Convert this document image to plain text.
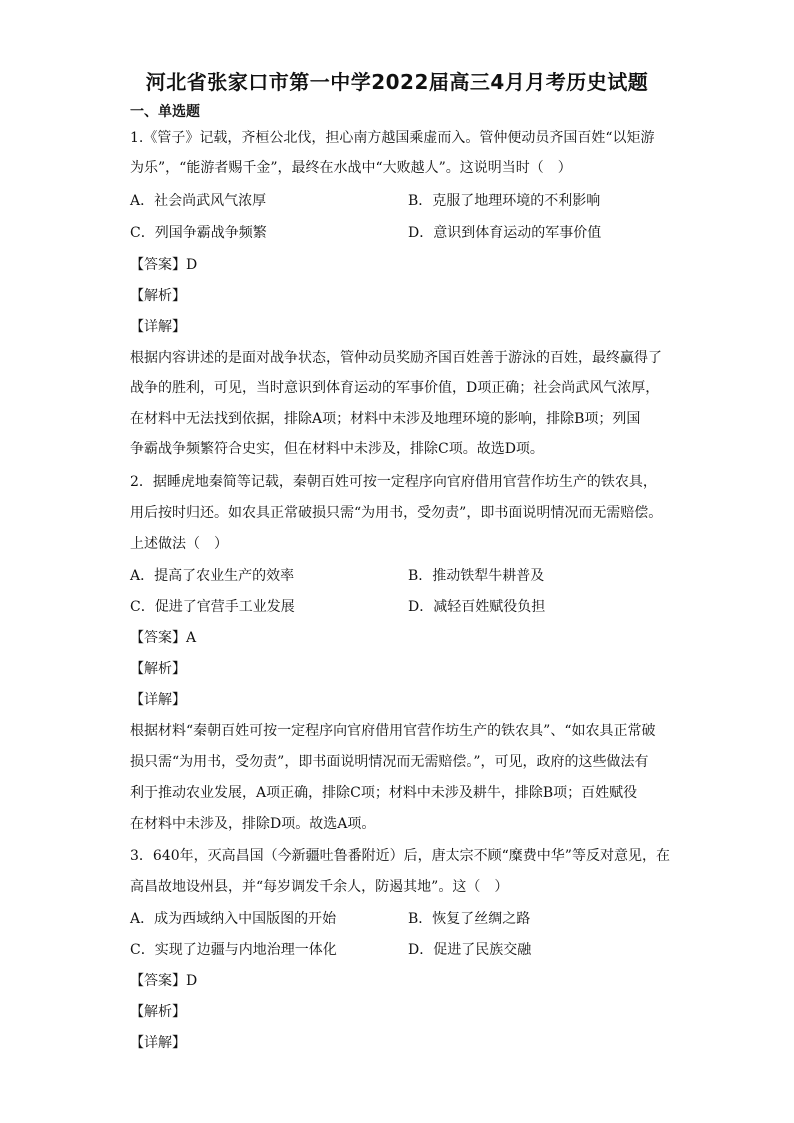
河北省张家口市第一中学2022届高三4月月考历史试题
一、单选题
1.《管子》记载，齐桓公北伐，担心南方越国乘虚而入。管仲便动员齐国百姓“以矩游
为乐”，“能游者赐千金”，最终在水战中“大败越人”。这说明当时（　）
A．社会尚武风气浓厚	B．克服了地理环境的不利影响
C．列国争霸战争频繁	D．意识到体育运动的军事价值
【答案】D
【解析】
【详解】
根据内容讲述的是面对战争状态，管仲动员奖励齐国百姓善于游泳的百姓，最终赢得了
战争的胜利，可见，当时意识到体育运动的军事价值，D项正确；社会尚武风气浓厚，
在材料中无法找到依据，排除A项；材料中未涉及地理环境的影响，排除B项；列国
争霸战争频繁符合史实，但在材料中未涉及，排除C项。故选D项。
2．据睡虎地秦简等记载，秦朝百姓可按一定程序向官府借用官营作坊生产的铁农具，
用后按时归还。如农具正常破损只需“为用书，受勿责”，即书面说明情况而无需赔偿。
上述做法（　）
A．提高了农业生产的效率	B．推动铁犁牛耕普及
C．促进了官营手工业发展	D．减轻百姓赋役负担
【答案】A
【解析】
【详解】
根据材料“秦朝百姓可按一定程序向官府借用官营作坊生产的铁农具”、“如农具正常破
损只需“为用书，受勿责”，即书面说明情况而无需赔偿。”，可见，政府的这些做法有
利于推动农业发展，A项正确，排除C项；材料中未涉及耕牛，排除B项；百姓赋役
在材料中未涉及，排除D项。故选A项。
3．640年，灭高昌国（今新疆吐鲁番附近）后，唐太宗不顾“糜费中华”等反对意见，在
高昌故地设州县，并“每岁调发千余人，防遏其地”。这（　）
A．成为西域纳入中国版图的开始	B．恢复了丝绸之路
C．实现了边疆与内地治理一体化	D．促进了民族交融
【答案】D
【解析】
【详解】
